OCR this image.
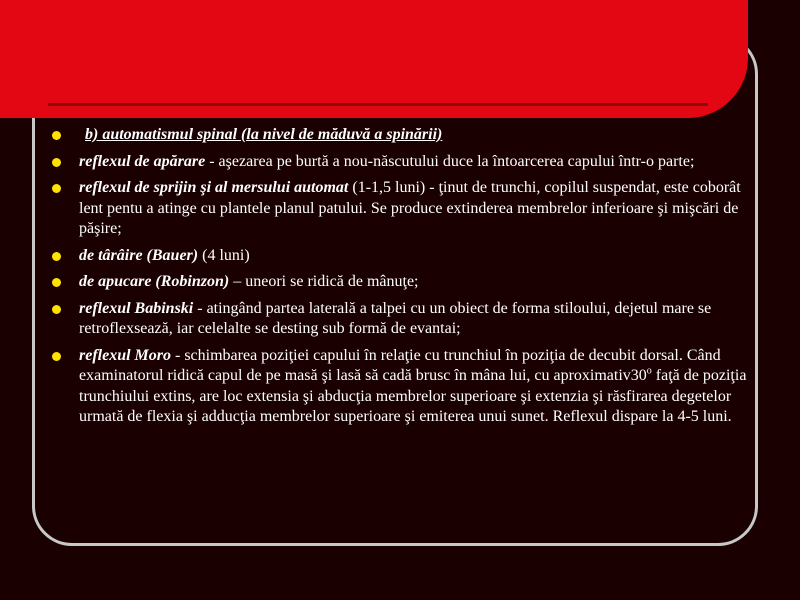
b) automatismul spinal (la nivel de măduvă a spinării)
reflexul de apărare - aşezarea pe burtă a nou-născutului duce la întoarcerea capului într-o parte;
reflexul de sprijin şi al mersului automat (1-1,5 luni) - ţinut de trunchi, copilul suspendat, este coborât lent pentu a atinge cu plantele planul patului. Se produce extinderea membrelor inferioare şi mişcări de păşire;
de târâire (Bauer) (4 luni)
de apucare (Robinzon) – uneori se ridică de mânuţe;
reflexul Babinski - atingând partea laterală a talpei cu un obiect de forma stiloului, dejetul mare se retroflexsează, iar celelalte se desting sub formă de evantai;
reflexul Moro - schimbarea poziţiei capului în relaţie cu trunchiul în poziţia de decubit dorsal. Când examinatorul ridică capul de pe masă şi lasă să cadă brusc în mâna lui, cu aproximativ30$^o$ faţă de poziţia trunchiului extins, are loc extensia şi abducţia membrelor superioare şi extenzia şi răsfirarea degetelor urmată de flexia şi adducţia membrelor superioare şi emiterea unui sunet. Reflexul dispare la 4-5 luni.
